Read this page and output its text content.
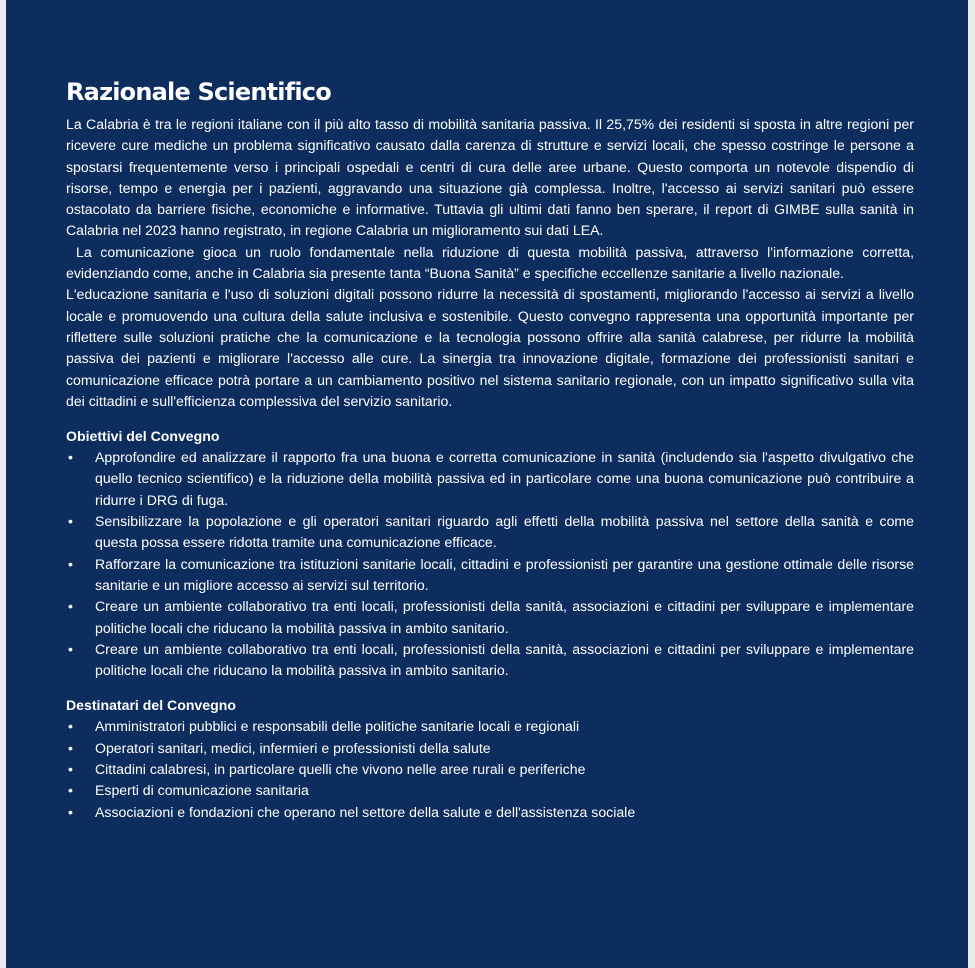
Razionale Scientifico

La Calabria è tra le regioni italiane con il più alto tasso di mobilità sanitaria passiva. Il 25,75% dei residenti si sposta in altre regioni per ricevere cure mediche un problema significativo causato dalla carenza di strutture e servizi locali, che spesso costringe le persone a spostarsi frequentemente verso i principali ospedali e centri di cura delle aree urbane. Questo comporta un notevole dispendio di risorse, tempo e energia per i pazienti, aggravando una situazione già complessa. Inoltre, l'accesso ai servizi sanitari può essere ostacolato da barriere fisiche, economiche e informative. Tuttavia gli ultimi dati fanno ben sperare, il report di GIMBE sulla sanità in Calabria nel 2023 hanno registrato, in regione Calabria un miglioramento sui dati LEA.

La comunicazione gioca un ruolo fondamentale nella riduzione di questa mobilità passiva, attraverso l'informazione corretta, evidenziando come, anche in Calabria sia presente tanta “Buona Sanità” e specifiche eccellenze sanitarie a livello nazionale.

L'educazione sanitaria e l'uso di soluzioni digitali possono ridurre la necessità di spostamenti, migliorando l'accesso ai servizi a livello locale e promuovendo una cultura della salute inclusiva e sostenibile. Questo convegno rappresenta una opportunità importante per riflettere sulle soluzioni pratiche che la comunicazione e la tecnologia possono offrire alla sanità calabrese, per ridurre la mobilità passiva dei pazienti e migliorare l'accesso alle cure. La sinergia tra innovazione digitale, formazione dei professionisti sanitari e comunicazione efficace potrà portare a un cambiamento positivo nel sistema sanitario regionale, con un impatto significativo sulla vita dei cittadini e sull'efficienza complessiva del servizio sanitario.

Obiettivi del Convegno
• Approfondire ed analizzare il rapporto fra una buona e corretta comunicazione in sanità (includendo sia l'aspetto divulgativo che quello tecnico scientifico) e la riduzione della mobilità passiva ed in particolare come una buona comunicazione può contribuire a ridurre i DRG di fuga.
• Sensibilizzare la popolazione e gli operatori sanitari riguardo agli effetti della mobilità passiva nel settore della sanità e come questa possa essere ridotta tramite una comunicazione efficace.
• Rafforzare la comunicazione tra istituzioni sanitarie locali, cittadini e professionisti per garantire una gestione ottimale delle risorse sanitarie e un migliore accesso ai servizi sul territorio.
• Creare un ambiente collaborativo tra enti locali, professionisti della sanità, associazioni e cittadini per sviluppare e implementare politiche locali che riducano la mobilità passiva in ambito sanitario.
• Creare un ambiente collaborativo tra enti locali, professionisti della sanità, associazioni e cittadini per sviluppare e implementare politiche locali che riducano la mobilità passiva in ambito sanitario.
Destinatari del Convegno
• Amministratori pubblici e responsabili delle politiche sanitarie locali e regionali
• Operatori sanitari, medici, infermieri e professionisti della salute
• Cittadini calabresi, in particolare quelli che vivono nelle aree rurali e periferiche
• Esperti di comunicazione sanitaria
• Associazioni e fondazioni che operano nel settore della salute e dell'assistenza sociale
